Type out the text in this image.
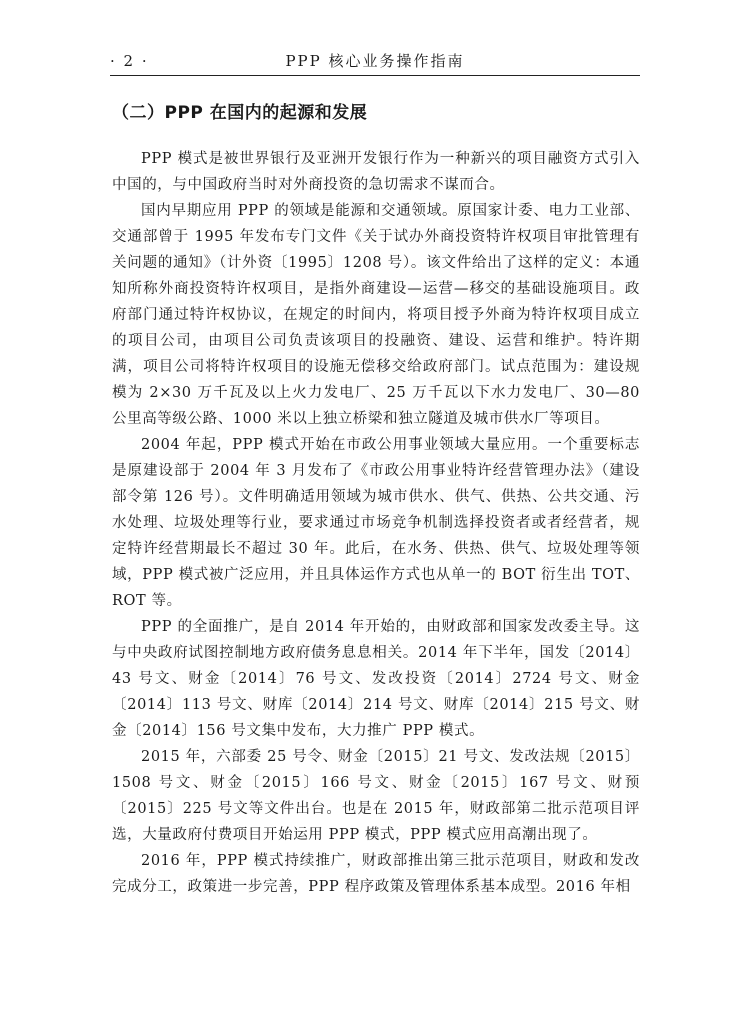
· 2 ·	PPP 核心业务操作指南
（二）PPP 在国内的起源和发展

PPP 模式是被世界银行及亚洲开发银行作为一种新兴的项目融资方式引入中国的，与中国政府当时对外商投资的急切需求不谋而合。

国内早期应用 PPP 的领域是能源和交通领域。原国家计委、电力工业部、交通部曾于 1995 年发布专门文件《关于试办外商投资特许权项目审批管理有关问题的通知》（计外资〔1995〕1208 号）。该文件给出了这样的定义：本通知所称外商投资特许权项目，是指外商建设—运营—移交的基础设施项目。政府部门通过特许权协议，在规定的时间内，将项目授予外商为特许权项目成立的项目公司，由项目公司负责该项目的投融资、建设、运营和维护。特许期满，项目公司将特许权项目的设施无偿移交给政府部门。试点范围为：建设规模为 2×30 万千瓦及以上火力发电厂、25 万千瓦以下水力发电厂、30—80 公里高等级公路、1000 米以上独立桥梁和独立隧道及城市供水厂等项目。

2004 年起，PPP 模式开始在市政公用事业领域大量应用。一个重要标志是原建设部于 2004 年 3 月发布了《市政公用事业特许经营管理办法》（建设部令第 126 号）。文件明确适用领域为城市供水、供气、供热、公共交通、污水处理、垃圾处理等行业，要求通过市场竞争机制选择投资者或者经营者，规定特许经营期最长不超过 30 年。此后，在水务、供热、供气、垃圾处理等领域，PPP 模式被广泛应用，并且具体运作方式也从单一的 BOT 衍生出 TOT、ROT 等。

PPP 的全面推广，是自 2014 年开始的，由财政部和国家发改委主导。这与中央政府试图控制地方政府债务息息相关。2014 年下半年，国发〔2014〕43 号文、财金〔2014〕76 号文、发改投资〔2014〕2724 号文、财金〔2014〕113 号文、财库〔2014〕214 号文、财库〔2014〕215 号文、财金〔2014〕156 号文集中发布，大力推广 PPP 模式。

2015 年，六部委 25 号令、财金〔2015〕21 号文、发改法规〔2015〕1508 号文、财金〔2015〕166 号文、财金〔2015〕167 号文、财预〔2015〕225 号文等文件出台。也是在 2015 年，财政部第二批示范项目评选，大量政府付费项目开始运用 PPP 模式，PPP 模式应用高潮出现了。

2016 年，PPP 模式持续推广，财政部推出第三批示范项目，财政和发改完成分工，政策进一步完善，PPP 程序政策及管理体系基本成型。2016 年相
